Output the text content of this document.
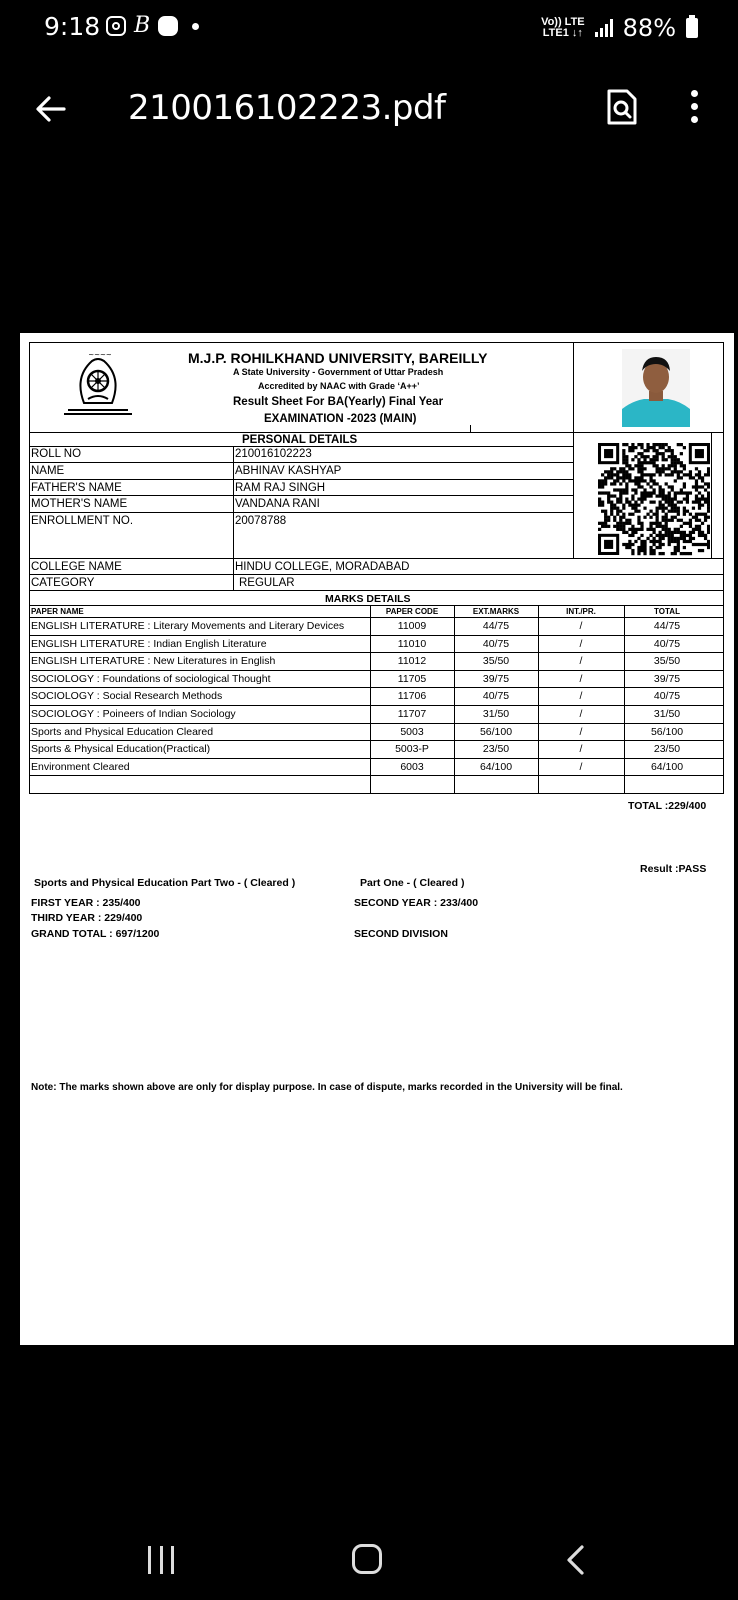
9:18 B	Vo)) LTE
LTE1 ↓↑ 88%
210016102223.pdf
~~~~	M.J.P. ROHILKHAND UNIVERSITY, BAREILLY
A State University - Government of Uttar Pradesh
Accredited by NAAC with Grade ‘A++’
Result Sheet For BA(Yearly) Final Year
EXAMINATION -2023 (MAIN)
PERSONAL DETAILS
ROLL NO	210016102223
NAME	ABHINAV KASHYAP
FATHER'S NAME	RAM RAJ SINGH
MOTHER'S NAME	VANDANA RANI
ENROLLMENT NO.	20078788
COLLEGE NAME	HINDU COLLEGE, MORADABAD
CATEGORY	REGULAR
MARKS DETAILS
PAPER NAME	PAPER CODE	EXT.MARKS	INT./PR.	TOTAL
ENGLISH LITERATURE : Literary Movements and Literary Devices	11009	44/75	/	44/75
ENGLISH LITERATURE : Indian English Literature	11010	40/75	/	40/75
ENGLISH LITERATURE : New Literatures in English	11012	35/50	/	35/50
SOCIOLOGY : Foundations of sociological Thought	11705	39/75	/	39/75
SOCIOLOGY : Social Research Methods	11706	40/75	/	40/75
SOCIOLOGY : Poineers of Indian Sociology	11707	31/50	/	31/50
Sports and Physical Education Cleared	5003	56/100	/	56/100
Sports & Physical Education(Practical)	5003-P	23/50	/	23/50
Environment Cleared	6003	64/100	/	64/100
TOTAL :229/400
Result :PASS
Sports and Physical Education Part Two - ( Cleared )	Part One - ( Cleared )
FIRST YEAR : 235/400	SECOND YEAR : 233/400
THIRD YEAR : 229/400
GRAND TOTAL : 697/1200	SECOND DIVISION
Note: The marks shown above are only for display purpose. In case of dispute, marks recorded in the University will be final.
